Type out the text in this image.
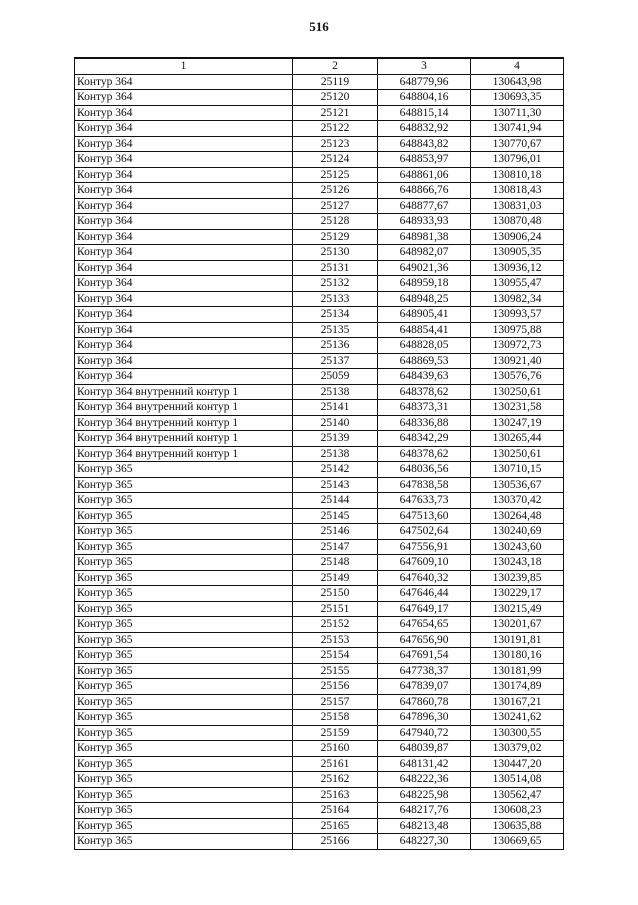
516
1	2	3	4
Контур 364	25119	648779,96	130643,98
Контур 364	25120	648804,16	130693,35
Контур 364	25121	648815,14	130711,30
Контур 364	25122	648832,92	130741,94
Контур 364	25123	648843,82	130770,67
Контур 364	25124	648853,97	130796,01
Контур 364	25125	648861,06	130810,18
Контур 364	25126	648866,76	130818,43
Контур 364	25127	648877,67	130831,03
Контур 364	25128	648933,93	130870,48
Контур 364	25129	648981,38	130906,24
Контур 364	25130	648982,07	130905,35
Контур 364	25131	649021,36	130936,12
Контур 364	25132	648959,18	130955,47
Контур 364	25133	648948,25	130982,34
Контур 364	25134	648905,41	130993,57
Контур 364	25135	648854,41	130975,88
Контур 364	25136	648828,05	130972,73
Контур 364	25137	648869,53	130921,40
Контур 364	25059	648439,63	130576,76
Контур 364 внутренний контур 1	25138	648378,62	130250,61
Контур 364 внутренний контур 1	25141	648373,31	130231,58
Контур 364 внутренний контур 1	25140	648336,88	130247,19
Контур 364 внутренний контур 1	25139	648342,29	130265,44
Контур 364 внутренний контур 1	25138	648378,62	130250,61
Контур 365	25142	648036,56	130710,15
Контур 365	25143	647838,58	130536,67
Контур 365	25144	647633,73	130370,42
Контур 365	25145	647513,60	130264,48
Контур 365	25146	647502,64	130240,69
Контур 365	25147	647556,91	130243,60
Контур 365	25148	647609,10	130243,18
Контур 365	25149	647640,32	130239,85
Контур 365	25150	647646,44	130229,17
Контур 365	25151	647649,17	130215,49
Контур 365	25152	647654,65	130201,67
Контур 365	25153	647656,90	130191,81
Контур 365	25154	647691,54	130180,16
Контур 365	25155	647738,37	130181,99
Контур 365	25156	647839,07	130174,89
Контур 365	25157	647860,78	130167,21
Контур 365	25158	647896,30	130241,62
Контур 365	25159	647940,72	130300,55
Контур 365	25160	648039,87	130379,02
Контур 365	25161	648131,42	130447,20
Контур 365	25162	648222,36	130514,08
Контур 365	25163	648225,98	130562,47
Контур 365	25164	648217,76	130608,23
Контур 365	25165	648213,48	130635,88
Контур 365	25166	648227,30	130669,65
